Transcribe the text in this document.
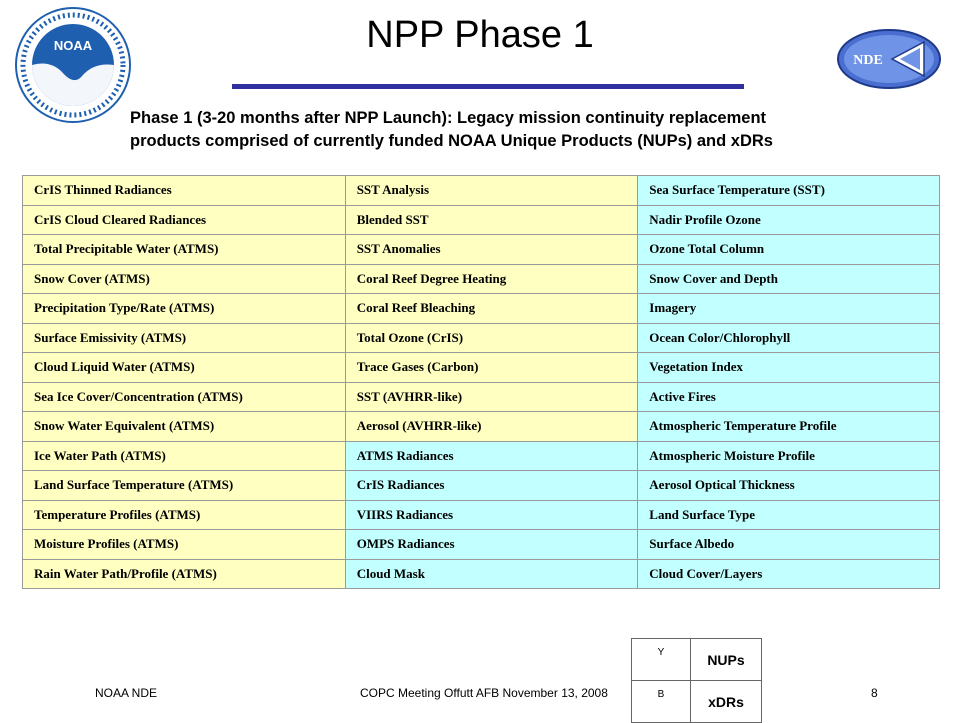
NOAA
NDE
NPP Phase 1
Phase 1 (3-20 months after NPP Launch): Legacy mission continuity replacement
products comprised of currently funded NOAA Unique Products (NUPs) and xDRs
CrIS Thinned Radiances	SST Analysis	Sea Surface Temperature (SST)
CrIS Cloud Cleared Radiances	Blended SST	Nadir Profile Ozone
Total Precipitable Water (ATMS)	SST Anomalies	Ozone Total Column
Snow Cover (ATMS)	Coral Reef Degree Heating	Snow Cover and Depth
Precipitation Type/Rate (ATMS)	Coral Reef Bleaching	Imagery
Surface Emissivity (ATMS)	Total Ozone (CrIS)	Ocean Color/Chlorophyll
Cloud Liquid Water (ATMS)	Trace Gases (Carbon)	Vegetation Index
Sea Ice Cover/Concentration (ATMS)	SST (AVHRR-like)	Active Fires
Snow Water Equivalent (ATMS)	Aerosol (AVHRR-like)	Atmospheric Temperature Profile
Ice Water Path (ATMS)	ATMS Radiances	Atmospheric Moisture Profile
Land Surface Temperature (ATMS)	CrIS Radiances	Aerosol Optical Thickness
Temperature Profiles (ATMS)	VIIRS Radiances	Land Surface Type
Moisture Profiles (ATMS)	OMPS Radiances	Surface Albedo
Rain Water Path/Profile (ATMS)	Cloud Mask	Cloud Cover/Layers
Y	NUPs
B	xDRs
NOAA NDE	COPC Meeting Offutt AFB November 13, 2008	8
